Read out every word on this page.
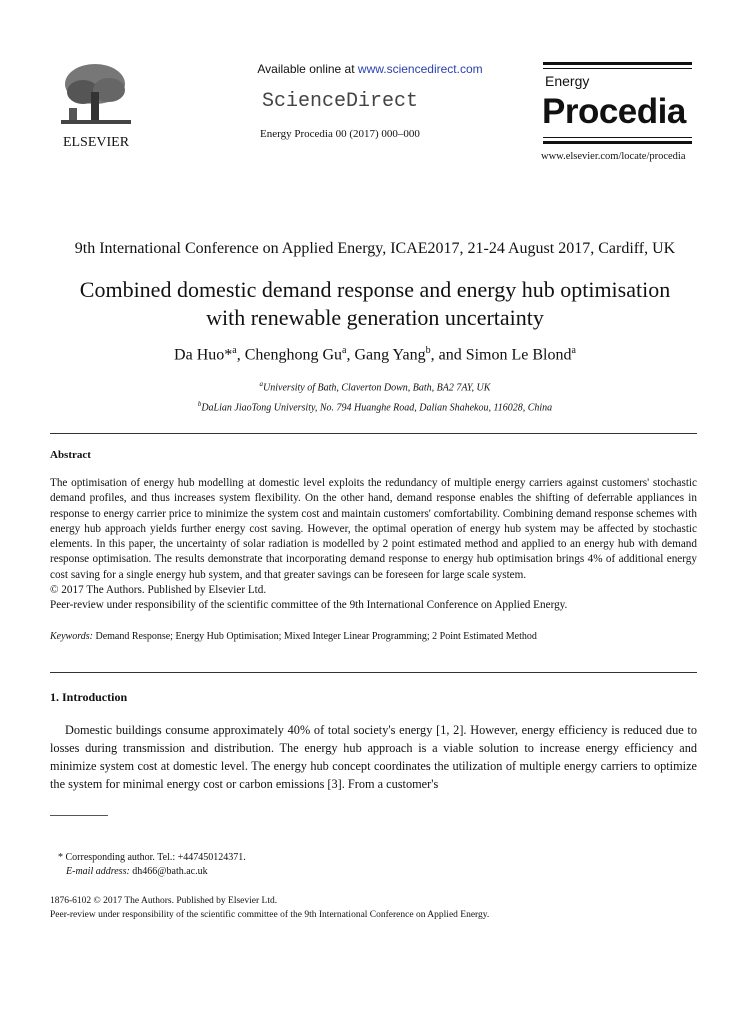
ELSEVIER
Available online at www.sciencedirect.com
ScienceDirect
Energy Procedia 00 (2017) 000–000
Energy
Procedia
www.elsevier.com/locate/procedia
9th International Conference on Applied Energy, ICAE2017, 21-24 August 2017, Cardiff, UK
Combined domestic demand response and energy hub optimisation
with renewable generation uncertainty
Da Huo*$^a$, Chenghong Gu$^a$, Gang Yang$^b$, and Simon Le Blond$^a$
$^a$University of Bath, Claverton Down, Bath, BA2 7AY, UK
$^b$DaLian JiaoTong University, No. 794 Huanghe Road, Dalian Shahekou, 116028, China
Abstract

The optimisation of energy hub modelling at domestic level exploits the redundancy of multiple energy carriers against customers' stochastic demand profiles, and thus increases system flexibility. On the other hand, demand response enables the shifting of deferrable appliances in response to energy carrier price to minimize the system cost and maintain customers' comfortability. Combining demand response schemes with energy hub approach yields further energy cost saving. However, the optimal operation of energy hub system may be affected by stochastic elements. In this paper, the uncertainty of solar radiation is modelled by 2 point estimated method and applied to an energy hub with demand response optimisation. The results demonstrate that incorporating demand response to energy hub optimisation brings 4% of additional energy cost saving for a single energy hub system, and that greater savings can be foreseen for large scale system.

© 2017 The Authors. Published by Elsevier Ltd.

Peer-review under responsibility of the scientific committee of the 9th International Conference on Applied Energy.

Keywords: Demand Response; Energy Hub Optimisation; Mixed Integer Linear Programming; 2 Point Estimated Method

1. Introduction
Domestic buildings consume approximately 40% of total society's energy [1, 2]. However, energy efficiency is reduced due to losses during transmission and distribution. The energy hub approach is a viable solution to increase energy efficiency and minimize system cost at domestic level. The energy hub concept coordinates the utilization of multiple energy carriers to optimize the system for minimal energy cost or carbon emissions [3]. From a customer's
* Corresponding author. Tel.: +447450124371.
E-mail address: dh466@bath.ac.uk
1876-6102 © 2017 The Authors. Published by Elsevier Ltd.
Peer-review under responsibility of the scientific committee of the 9th International Conference on Applied Energy.
